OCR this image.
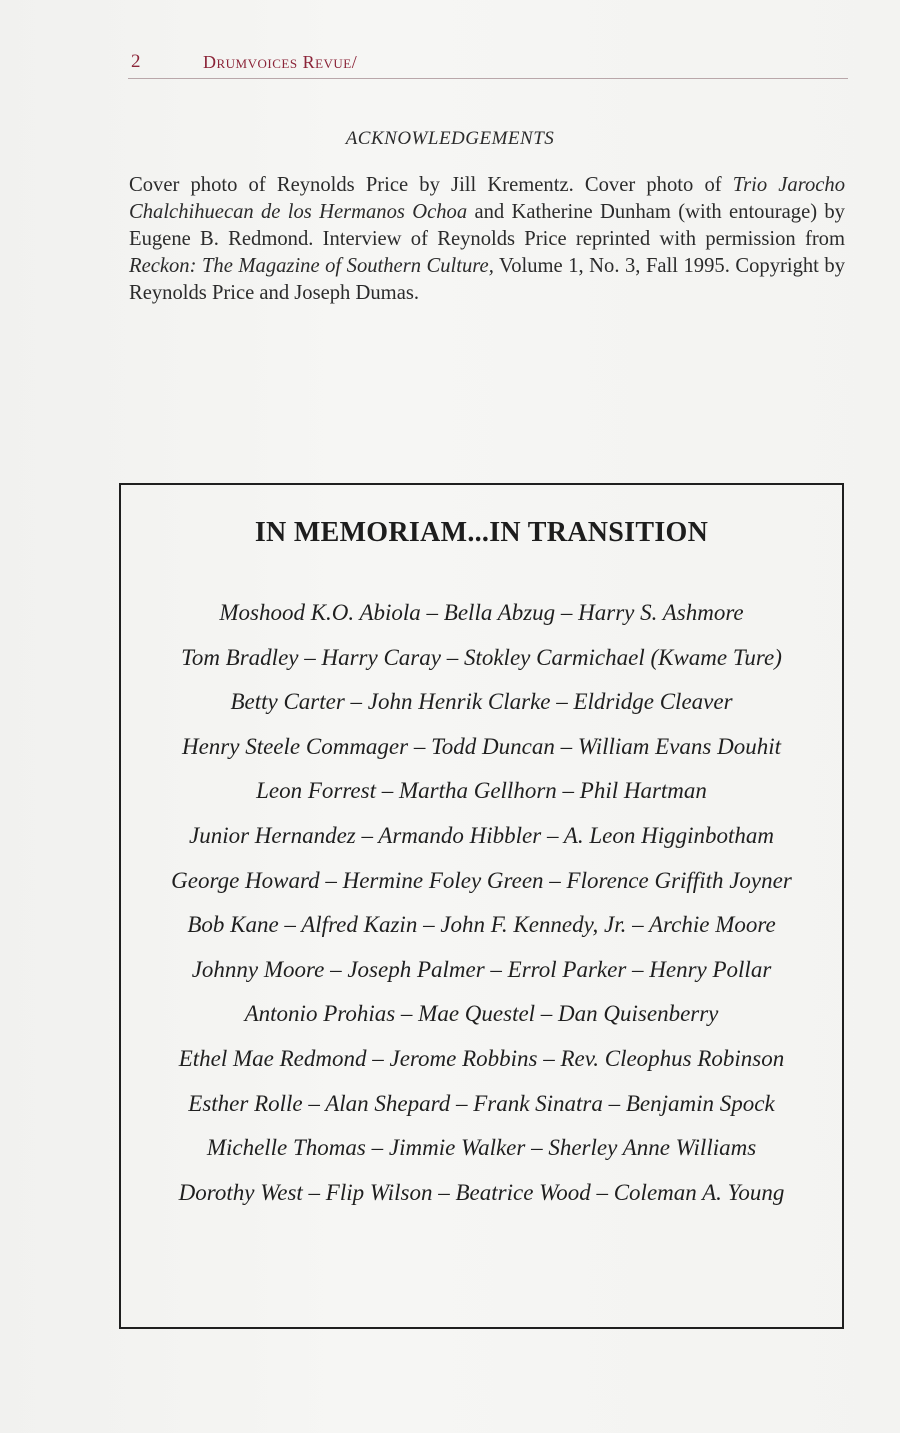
2	Drumvoices Revue/
ACKNOWLEDGEMENTS

Cover photo of Reynolds Price by Jill Krementz. Cover photo of Trio Jarocho Chalchihuecan de los Hermanos Ochoa and Katherine Dunham (with entourage) by Eugene B. Redmond. Interview of Reynolds Price reprinted with permission from Reckon: The Magazine of Southern Culture, Volume 1, No. 3, Fall 1995. Copyright by Reynolds Price and Joseph Dumas.

IN MEMORIAM...IN TRANSITION
Moshood K.O. Abiola – Bella Abzug – Harry S. Ashmore
Tom Bradley – Harry Caray – Stokley Carmichael (Kwame Ture)
Betty Carter – John Henrik Clarke – Eldridge Cleaver
Henry Steele Commager – Todd Duncan – William Evans Douhit
Leon Forrest – Martha Gellhorn – Phil Hartman
Junior Hernandez – Armando Hibbler – A. Leon Higginbotham
George Howard – Hermine Foley Green – Florence Griffith Joyner
Bob Kane – Alfred Kazin – John F. Kennedy, Jr. – Archie Moore
Johnny Moore – Joseph Palmer – Errol Parker – Henry Pollar
Antonio Prohias – Mae Questel – Dan Quisenberry
Ethel Mae Redmond – Jerome Robbins – Rev. Cleophus Robinson
Esther Rolle – Alan Shepard – Frank Sinatra – Benjamin Spock
Michelle Thomas – Jimmie Walker – Sherley Anne Williams
Dorothy West – Flip Wilson – Beatrice Wood – Coleman A. Young
